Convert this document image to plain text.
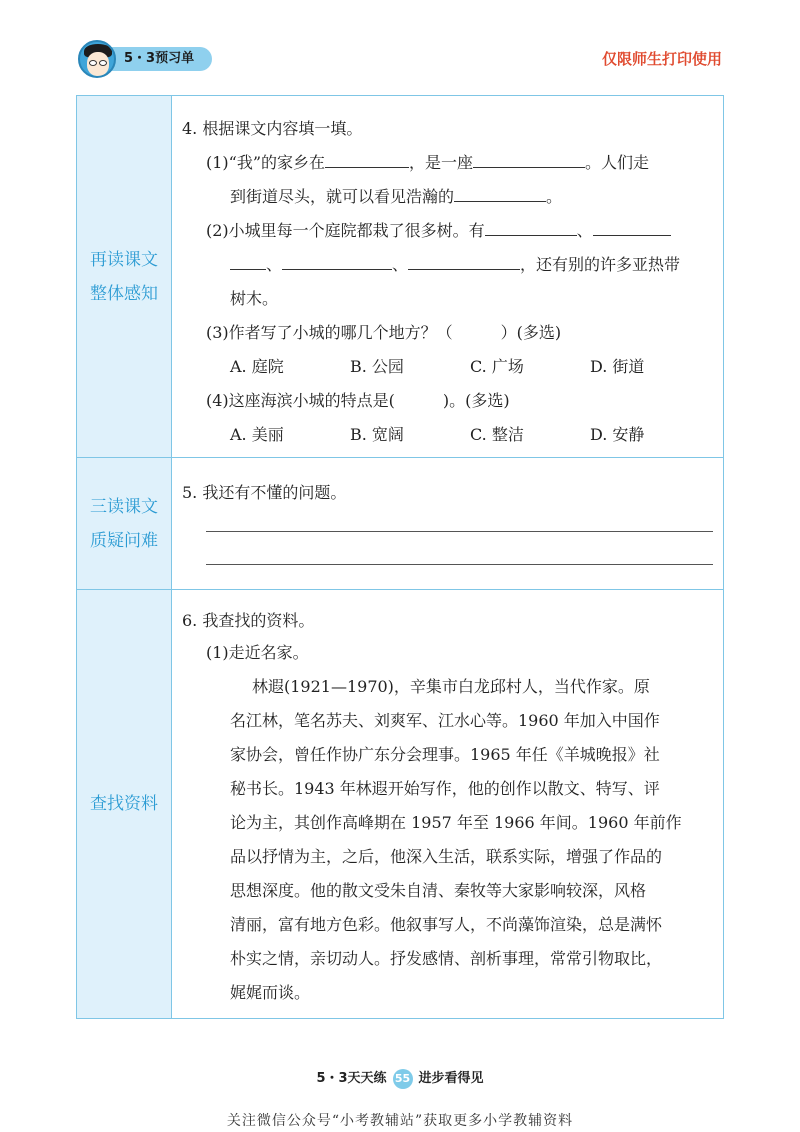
5・3预习单	仅限师生打印使用
再读课文
整体感知
4. 根据课文内容填一填。
(1)“我”的家乡在	，是一座	。人们走
到街道尽头，就可以看见浩瀚的	。
(2)小城里每一个庭院都栽了很多树。有	、
、	、	，还有别的许多亚热带
树木。
(3)作者写了小城的哪几个地方？（　　　）(多选)
A. 庭院	B. 公园	C. 广场	D. 街道
(4)这座海滨小城的特点是(　　　)。(多选)
A. 美丽	B. 宽阔	C. 整洁	D. 安静
三读课文
质疑问难
5. 我还有不懂的问题。
查找资料
6. 我查找的资料。
(1)走近名家。
林遐(1921—1970)，辛集市白龙邱村人，当代作家。原
名江林，笔名苏夫、刘爽军、江水心等。1960 年加入中国作
家协会，曾任作协广东分会理事。1965 年任《羊城晚报》社
秘书长。1943 年林遐开始写作，他的创作以散文、特写、评
论为主，其创作高峰期在 1957 年至 1966 年间。1960 年前作
品以抒情为主，之后，他深入生活，联系实际，增强了作品的
思想深度。他的散文受朱自清、秦牧等大家影响较深，风格
清丽，富有地方色彩。他叙事写人，不尚藻饰渲染，总是满怀
朴实之情，亲切动人。抒发感情、剖析事理，常常引物取比，
娓娓而谈。
5・3天天练 55 进步看得见
关注微信公众号“小考教辅站”获取更多小学教辅资料
